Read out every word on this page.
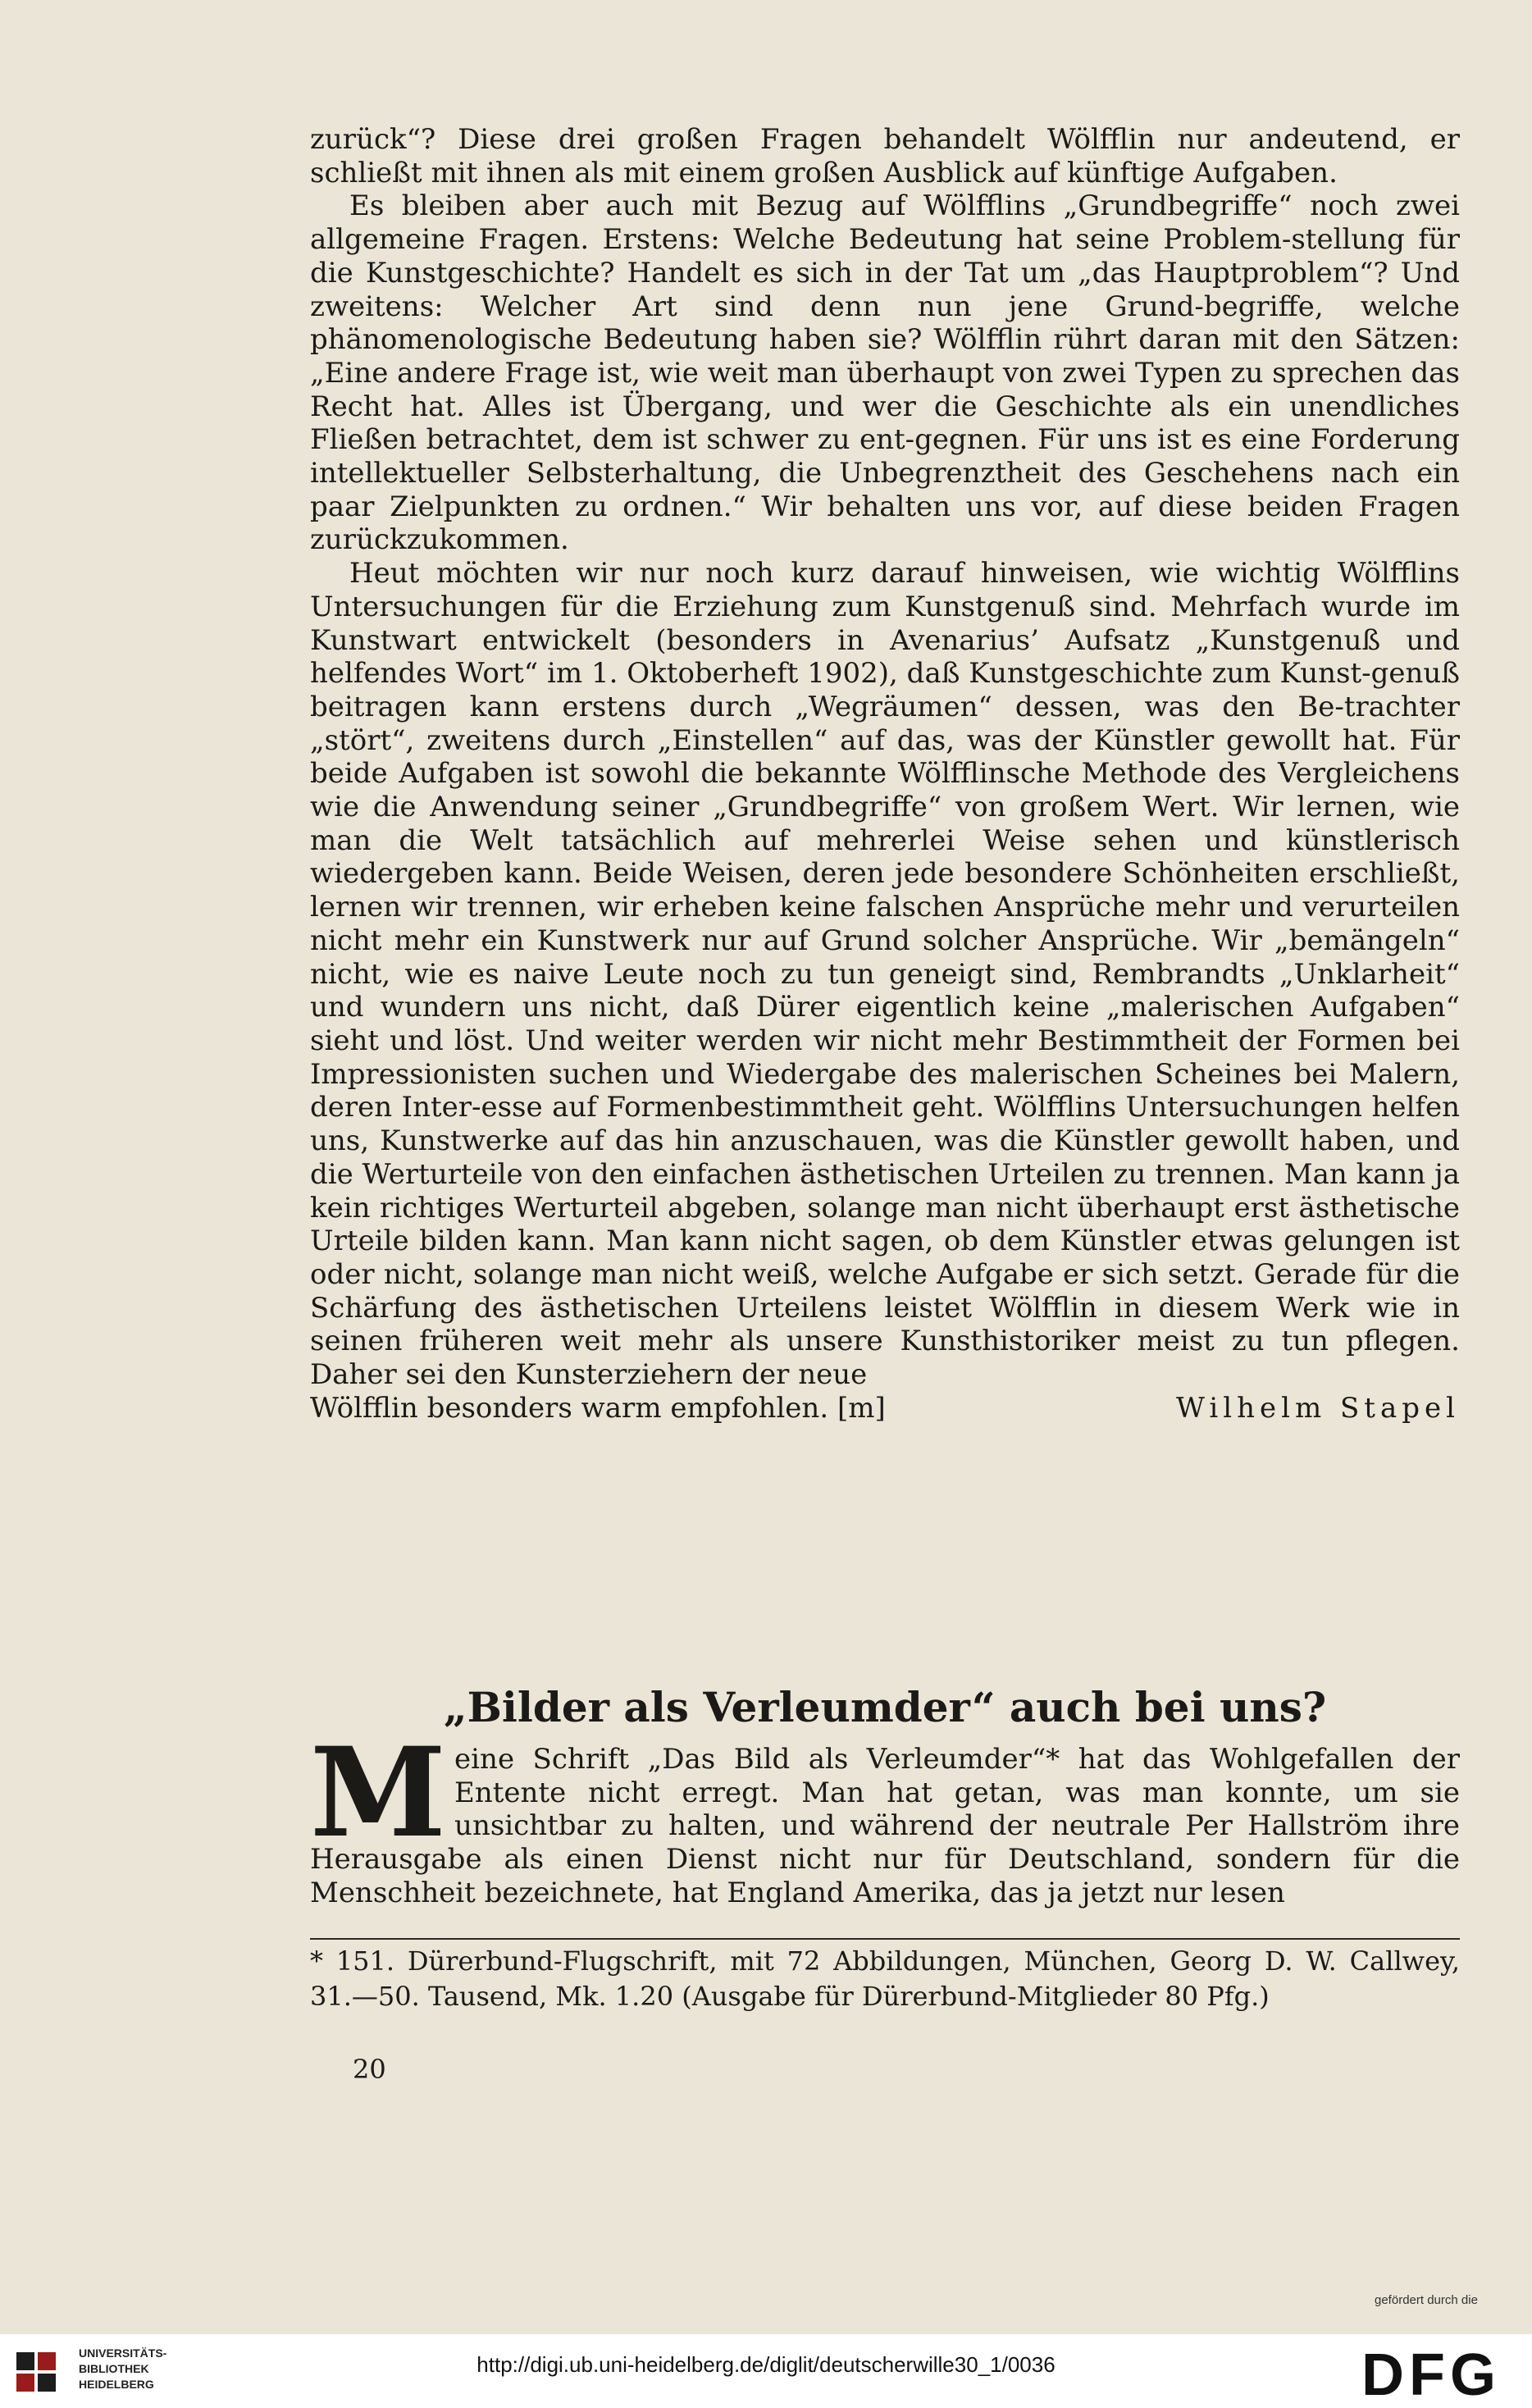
zurück“? Diese drei großen Fragen behandelt Wölfflin nur andeutend, er schließt mit ihnen als mit einem großen Ausblick auf künftige Aufgaben.

Es bleiben aber auch mit Bezug auf Wölfflins „Grundbegriffe“ noch zwei allgemeine Fragen. Erstens: Welche Bedeutung hat seine Problem-stellung für die Kunstgeschichte? Handelt es sich in der Tat um „das Hauptproblem“? Und zweitens: Welcher Art sind denn nun jene Grund-begriffe, welche phänomenologische Bedeutung haben sie? Wölfflin rührt daran mit den Sätzen: „Eine andere Frage ist, wie weit man überhaupt von zwei Typen zu sprechen das Recht hat. Alles ist Übergang, und wer die Geschichte als ein unendliches Fließen betrachtet, dem ist schwer zu ent-gegnen. Für uns ist es eine Forderung intellektueller Selbsterhaltung, die Unbegrenztheit des Geschehens nach ein paar Zielpunkten zu ordnen.“ Wir behalten uns vor, auf diese beiden Fragen zurückzukommen.

Heut möchten wir nur noch kurz darauf hinweisen, wie wichtig Wölfflins Untersuchungen für die Erziehung zum Kunstgenuß sind. Mehrfach wurde im Kunstwart entwickelt (besonders in Avenarius’ Aufsatz „Kunstgenuß und helfendes Wort“ im 1. Oktoberheft 1902), daß Kunstgeschichte zum Kunst-genuß beitragen kann erstens durch „Wegräumen“ dessen, was den Be-trachter „stört“, zweitens durch „Einstellen“ auf das, was der Künstler gewollt hat. Für beide Aufgaben ist sowohl die bekannte Wölfflinsche Methode des Vergleichens wie die Anwendung seiner „Grundbegriffe“ von großem Wert. Wir lernen, wie man die Welt tatsächlich auf mehrerlei Weise sehen und künstlerisch wiedergeben kann. Beide Weisen, deren jede besondere Schönheiten erschließt, lernen wir trennen, wir erheben keine falschen Ansprüche mehr und verurteilen nicht mehr ein Kunstwerk nur auf Grund solcher Ansprüche. Wir „bemängeln“ nicht, wie es naive Leute noch zu tun geneigt sind, Rembrandts „Unklarheit“ und wundern uns nicht, daß Dürer eigentlich keine „malerischen Aufgaben“ sieht und löst. Und weiter werden wir nicht mehr Bestimmtheit der Formen bei Impressionisten suchen und Wiedergabe des malerischen Scheines bei Malern, deren Inter-esse auf Formenbestimmtheit geht. Wölfflins Untersuchungen helfen uns, Kunstwerke auf das hin anzuschauen, was die Künstler gewollt haben, und die Werturteile von den einfachen ästhetischen Urteilen zu trennen. Man kann ja kein richtiges Werturteil abgeben, solange man nicht überhaupt erst ästhetische Urteile bilden kann. Man kann nicht sagen, ob dem Künstler etwas gelungen ist oder nicht, solange man nicht weiß, welche Aufgabe er sich setzt. Gerade für die Schärfung des ästhetischen Urteilens leistet Wölfflin in diesem Werk wie in seinen früheren weit mehr als unsere Kunsthistoriker meist zu tun pflegen. Daher sei den Kunsterziehern der neue

Wölfflin besonders warm empfohlen. [m]	Wilhelm Stapel
„Bilder als Verleumder“ auch bei uns?

Meine Schrift „Das Bild als Verleumder“* hat das Wohlgefallen der Entente nicht erregt. Man hat getan, was man konnte, um sie unsichtbar zu halten, und während der neutrale Per Hallström ihre Herausgabe als einen Dienst nicht nur für Deutschland, sondern für die Menschheit bezeichnete, hat England Amerika, das ja jetzt nur lesen

* 151. Dürerbund-Flugschrift, mit 72 Abbildungen, München, Georg D. W. Callwey, 31.—50. Tausend, Mk. 1.20 (Ausgabe für Dürerbund-Mitglieder 80 Pfg.)

20
gefördert durch die
UNIVERSITÄTS-
BIBLIOTHEK
HEIDELBERG
http://digi.ub.uni-heidelberg.de/diglit/deutscherwille30_1/0036	DFG
